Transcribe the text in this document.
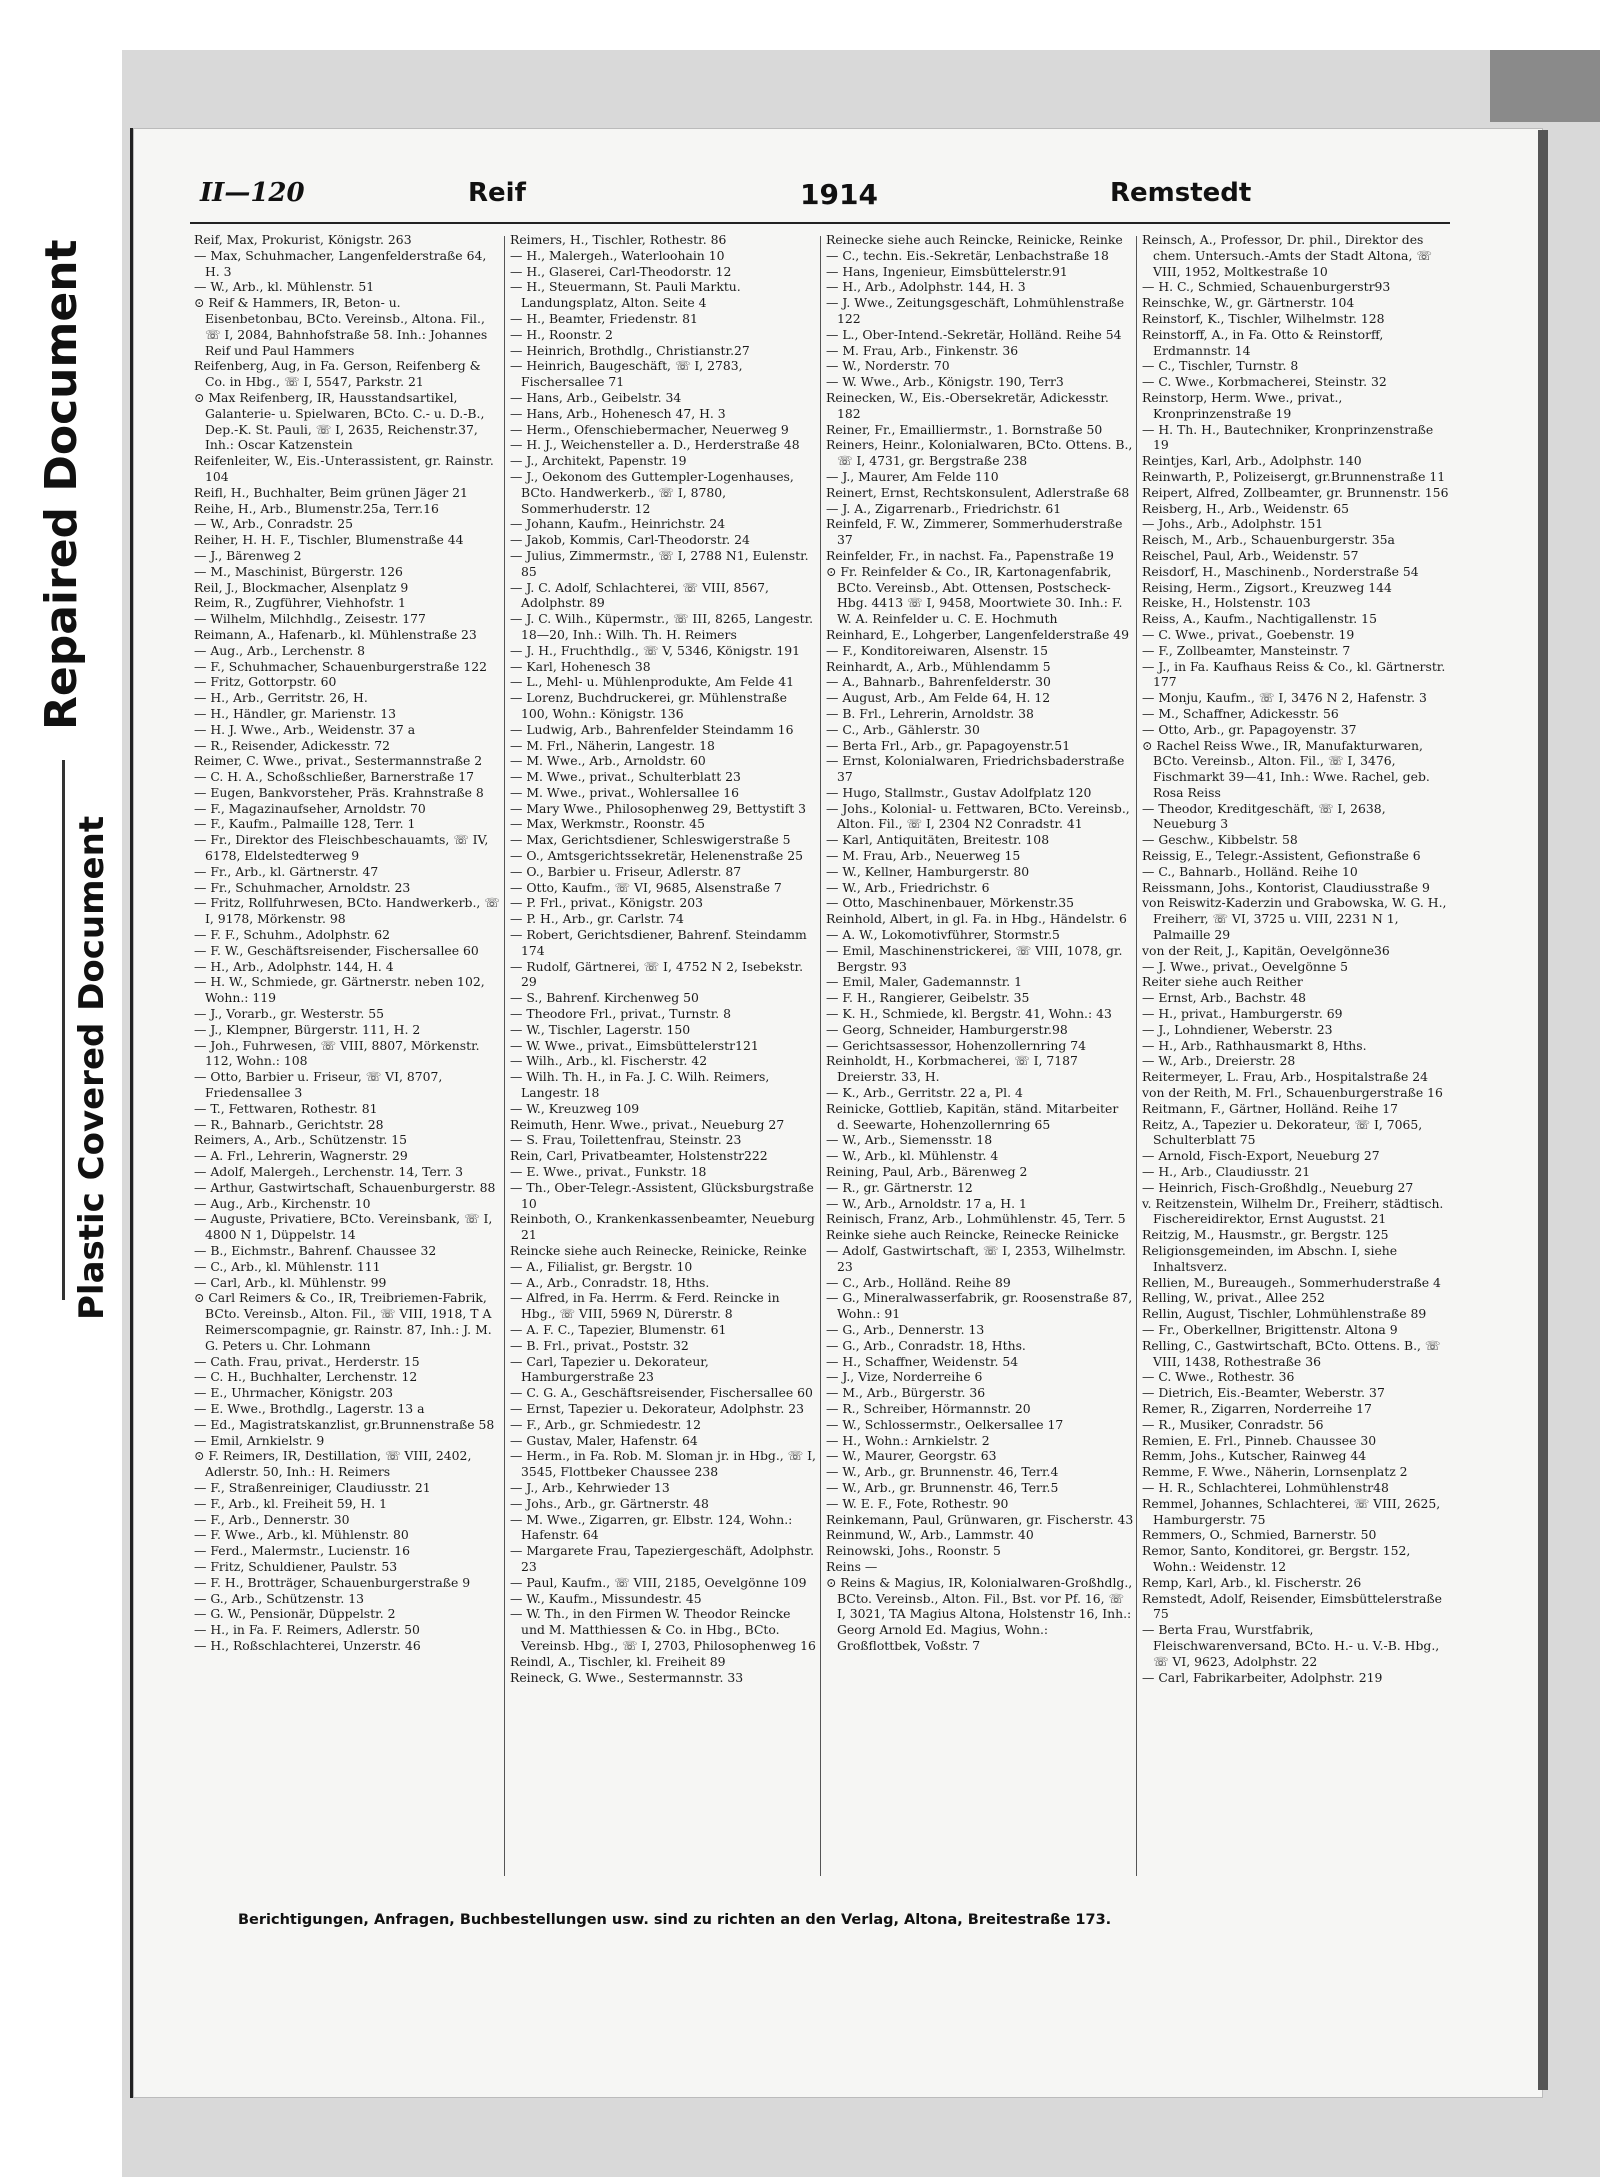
Repaired Document
Plastic Covered Document
II—120	Reif	1914	Remstedt

Reif, Max, Prokurist, Königstr. 263

— Max, Schuhmacher, Langenfelderstraße 64, H. 3

— W., Arb., kl. Mühlenstr. 51

⊙ Reif & Hammers, IR, Beton- u. Eisenbetonbau, BCto. Vereinsb., Altona. Fil., ☏ I, 2084, Bahnhofstraße 58. Inh.: Johannes Reif und Paul Hammers

Reifenberg, Aug, in Fa. Gerson, Reifenberg & Co. in Hbg., ☏ I, 5547, Parkstr. 21

⊙ Max Reifenberg, IR, Hausstandsartikel, Galanterie- u. Spielwaren, BCto. C.- u. D.-B., Dep.-K. St. Pauli, ☏ I, 2635, Reichenstr.37, Inh.: Oscar Katzenstein

Reifenleiter, W., Eis.-Unterassistent, gr. Rainstr. 104

Reifl, H., Buchhalter, Beim grünen Jäger 21

Reihe, H., Arb., Blumenstr.25a, Terr.16

— W., Arb., Conradstr. 25

Reiher, H. H. F., Tischler, Blumenstraße 44

— J., Bärenweg 2

— M., Maschinist, Bürgerstr. 126

Reil, J., Blockmacher, Alsenplatz 9

Reim, R., Zugführer, Viehhofstr. 1

— Wilhelm, Milchhdlg., Zeisestr. 177

Reimann, A., Hafenarb., kl. Mühlenstraße 23

— Aug., Arb., Lerchenstr. 8

— F., Schuhmacher, Schauenburgerstraße 122

— Fritz, Gottorpstr. 60

— H., Arb., Gerritstr. 26, H.

— H., Händler, gr. Marienstr. 13

— H. J. Wwe., Arb., Weidenstr. 37 a

— R., Reisender, Adickesstr. 72

Reimer, C. Wwe., privat., Sestermannstraße 2

— C. H. A., Schoßschließer, Barnerstraße 17

— Eugen, Bankvorsteher, Präs. Krahnstraße 8

— F., Magazinaufseher, Arnoldstr. 70

— F., Kaufm., Palmaille 128, Terr. 1

— Fr., Direktor des Fleischbeschauamts, ☏ IV, 6178, Eldelstedterweg 9

— Fr., Arb., kl. Gärtnerstr. 47

— Fr., Schuhmacher, Arnoldstr. 23

— Fritz, Rollfuhrwesen, BCto. Handwerkerb., ☏ I, 9178, Mörkenstr. 98

— F. F., Schuhm., Adolphstr. 62

— F. W., Geschäftsreisender, Fischersallee 60

— H., Arb., Adolphstr. 144, H. 4

— H. W., Schmiede, gr. Gärtnerstr. neben 102, Wohn.: 119

— J., Vorarb., gr. Westerstr. 55

— J., Klempner, Bürgerstr. 111, H. 2

— Joh., Fuhrwesen, ☏ VIII, 8807, Mörkenstr. 112, Wohn.: 108

— Otto, Barbier u. Friseur, ☏ VI, 8707, Friedensallee 3

— T., Fettwaren, Rothestr. 81

— R., Bahnarb., Gerichtstr. 28

Reimers, A., Arb., Schützenstr. 15

— A. Frl., Lehrerin, Wagnerstr. 29

— Adolf, Malergeh., Lerchenstr. 14, Terr. 3

— Arthur, Gastwirtschaft, Schauenburgerstr. 88

— Aug., Arb., Kirchenstr. 10

— Auguste, Privatiere, BCto. Vereinsbank, ☏ I, 4800 N 1, Düppelstr. 14

— B., Eichmstr., Bahrenf. Chaussee 32

— C., Arb., kl. Mühlenstr. 111

— Carl, Arb., kl. Mühlenstr. 99

⊙ Carl Reimers & Co., IR, Treibriemen-Fabrik, BCto. Vereinsb., Alton. Fil., ☏ VIII, 1918, T A Reimerscompagnie, gr. Rainstr. 87, Inh.: J. M. G. Peters u. Chr. Lohmann

— Cath. Frau, privat., Herderstr. 15

— C. H., Buchhalter, Lerchenstr. 12

— E., Uhrmacher, Königstr. 203

— E. Wwe., Brothdlg., Lagerstr. 13 a

— Ed., Magistratskanzlist, gr.Brunnenstraße 58

— Emil, Arnkielstr. 9

⊙ F. Reimers, IR, Destillation, ☏ VIII, 2402, Adlerstr. 50, Inh.: H. Reimers

— F., Straßenreiniger, Claudiusstr. 21

— F., Arb., kl. Freiheit 59, H. 1

— F., Arb., Dennerstr. 30

— F. Wwe., Arb., kl. Mühlenstr. 80

— Ferd., Malermstr., Lucienstr. 16

— Fritz, Schuldiener, Paulstr. 53

— F. H., Brotträger, Schauenburgerstraße 9

— G., Arb., Schützenstr. 13

— G. W., Pensionär, Düppelstr. 2

— H., in Fa. F. Reimers, Adlerstr. 50

— H., Roßschlachterei, Unzerstr. 46

Reimers, H., Tischler, Rothestr. 86

— H., Malergeh., Waterloohain 10

— H., Glaserei, Carl-Theodorstr. 12

— H., Steuermann, St. Pauli Marktu. Landungsplatz, Alton. Seite 4

— H., Beamter, Friedenstr. 81

— H., Roonstr. 2

— Heinrich, Brothdlg., Christianstr.27

— Heinrich, Baugeschäft, ☏ I, 2783, Fischersallee 71

— Hans, Arb., Geibelstr. 34

— Hans, Arb., Hohenesch 47, H. 3

— Herm., Ofenschiebermacher, Neuerweg 9

— H. J., Weichensteller a. D., Herderstraße 48

— J., Architekt, Papenstr. 19

— J., Oekonom des Guttempler-Logenhauses, BCto. Handwerkerb., ☏ I, 8780, Sommerhuderstr. 12

— Johann, Kaufm., Heinrichstr. 24

— Jakob, Kommis, Carl-Theodorstr. 24

— Julius, Zimmermstr., ☏ I, 2788 N1, Eulenstr. 85

— J. C. Adolf, Schlachterei, ☏ VIII, 8567, Adolphstr. 89

— J. C. Wilh., Küpermstr., ☏ III, 8265, Langestr. 18—20, Inh.: Wilh. Th. H. Reimers

— J. H., Fruchthdlg., ☏ V, 5346, Königstr. 191

— Karl, Hohenesch 38

— L., Mehl- u. Mühlenprodukte, Am Felde 41

— Lorenz, Buchdruckerei, gr. Mühlenstraße 100, Wohn.: Königstr. 136

— Ludwig, Arb., Bahrenfelder Steindamm 16

— M. Frl., Näherin, Langestr. 18

— M. Wwe., Arb., Arnoldstr. 60

— M. Wwe., privat., Schulterblatt 23

— M. Wwe., privat., Wohlersallee 16

— Mary Wwe., Philosophenweg 29, Bettystift 3

— Max, Werkmstr., Roonstr. 45

— Max, Gerichtsdiener, Schleswigerstraße 5

— O., Amtsgerichtssekretär, Helenenstraße 25

— O., Barbier u. Friseur, Adlerstr. 87

— Otto, Kaufm., ☏ VI, 9685, Alsenstraße 7

— P. Frl., privat., Königstr. 203

— P. H., Arb., gr. Carlstr. 74

— Robert, Gerichtsdiener, Bahrenf. Steindamm 174

— Rudolf, Gärtnerei, ☏ I, 4752 N 2, Isebekstr. 29

— S., Bahrenf. Kirchenweg 50

— Theodore Frl., privat., Turnstr. 8

— W., Tischler, Lagerstr. 150

— W. Wwe., privat., Eimsbüttelerstr121

— Wilh., Arb., kl. Fischerstr. 42

— Wilh. Th. H., in Fa. J. C. Wilh. Reimers, Langestr. 18

— W., Kreuzweg 109

Reimuth, Henr. Wwe., privat., Neueburg 27

— S. Frau, Toilettenfrau, Steinstr. 23

Rein, Carl, Privatbeamter, Holstenstr222

— E. Wwe., privat., Funkstr. 18

— Th., Ober-Telegr.-Assistent, Glücksburgstraße 10

Reinboth, O., Krankenkassenbeamter, Neueburg 21

Reincke siehe auch Reinecke, Reinicke, Reinke

— A., Filialist, gr. Bergstr. 10

— A., Arb., Conradstr. 18, Hths.

— Alfred, in Fa. Herrm. & Ferd. Reincke in Hbg., ☏ VIII, 5969 N, Dürerstr. 8

— A. F. C., Tapezier, Blumenstr. 61

— B. Frl., privat., Poststr. 32

— Carl, Tapezier u. Dekorateur, Hamburgerstraße 23

— C. G. A., Geschäftsreisender, Fischersallee 60

— Ernst, Tapezier u. Dekorateur, Adolphstr. 23

— F., Arb., gr. Schmiedestr. 12

— Gustav, Maler, Hafenstr. 64

— Herm., in Fa. Rob. M. Sloman jr. in Hbg., ☏ I, 3545, Flottbeker Chaussee 238

— J., Arb., Kehrwieder 13

— Johs., Arb., gr. Gärtnerstr. 48

— M. Wwe., Zigarren, gr. Elbstr. 124, Wohn.: Hafenstr. 64

— Margarete Frau, Tapeziergeschäft, Adolphstr. 23

— Paul, Kaufm., ☏ VIII, 2185, Oevelgönne 109

— W., Kaufm., Missundestr. 45

— W. Th., in den Firmen W. Theodor Reincke und M. Matthiessen & Co. in Hbg., BCto. Vereinsb. Hbg., ☏ I, 2703, Philosophenweg 16

Reindl, A., Tischler, kl. Freiheit 89

Reineck, G. Wwe., Sestermannstr. 33

Reinecke siehe auch Reincke, Reinicke, Reinke

— C., techn. Eis.-Sekretär, Lenbachstraße 18

— Hans, Ingenieur, Eimsbüttelerstr.91

— H., Arb., Adolphstr. 144, H. 3

— J. Wwe., Zeitungsgeschäft, Lohmühlenstraße 122

— L., Ober-Intend.-Sekretär, Holländ. Reihe 54

— M. Frau, Arb., Finkenstr. 36

— W., Norderstr. 70

— W. Wwe., Arb., Königstr. 190, Terr3

Reinecken, W., Eis.-Obersekretär, Adickesstr. 182

Reiner, Fr., Emailliermstr., 1. Bornstraße 50

Reiners, Heinr., Kolonialwaren, BCto. Ottens. B., ☏ I, 4731, gr. Bergstraße 238

— J., Maurer, Am Felde 110

Reinert, Ernst, Rechtskonsulent, Adlerstraße 68

— J. A., Zigarrenarb., Friedrichstr. 61

Reinfeld, F. W., Zimmerer, Sommerhuderstraße 37

Reinfelder, Fr., in nachst. Fa., Papenstraße 19

⊙ Fr. Reinfelder & Co., IR, Kartonagenfabrik, BCto. Vereinsb., Abt. Ottensen, Postscheck-Hbg. 4413 ☏ I, 9458, Moortwiete 30. Inh.: F. W. A. Reinfelder u. C. E. Hochmuth

Reinhard, E., Lohgerber, Langenfelderstraße 49

— F., Konditoreiwaren, Alsenstr. 15

Reinhardt, A., Arb., Mühlendamm 5

— A., Bahnarb., Bahrenfelderstr. 30

— August, Arb., Am Felde 64, H. 12

— B. Frl., Lehrerin, Arnoldstr. 38

— C., Arb., Gählerstr. 30

— Berta Frl., Arb., gr. Papagoyenstr.51

— Ernst, Kolonialwaren, Friedrichsbaderstraße 37

— Hugo, Stallmstr., Gustav Adolfplatz 120

— Johs., Kolonial- u. Fettwaren, BCto. Vereinsb., Alton. Fil., ☏ I, 2304 N2 Conradstr. 41

— Karl, Antiquitäten, Breitestr. 108

— M. Frau, Arb., Neuerweg 15

— W., Kellner, Hamburgerstr. 80

— W., Arb., Friedrichstr. 6

— Otto, Maschinenbauer, Mörkenstr.35

Reinhold, Albert, in gl. Fa. in Hbg., Händelstr. 6

— A. W., Lokomotivführer, Stormstr.5

— Emil, Maschinenstrickerei, ☏ VIII, 1078, gr. Bergstr. 93

— Emil, Maler, Gademannstr. 1

— F. H., Rangierer, Geibelstr. 35

— K. H., Schmiede, kl. Bergstr. 41, Wohn.: 43

— Georg, Schneider, Hamburgerstr.98

— Gerichtsassessor, Hohenzollernring 74

Reinholdt, H., Korbmacherei, ☏ I, 7187 Dreierstr. 33, H.

— K., Arb., Gerritstr. 22 a, Pl. 4

Reinicke, Gottlieb, Kapitän, ständ. Mitarbeiter d. Seewarte, Hohenzollernring 65

— W., Arb., Siemensstr. 18

— W., Arb., kl. Mühlenstr. 4

Reining, Paul, Arb., Bärenweg 2

— R., gr. Gärtnerstr. 12

— W., Arb., Arnoldstr. 17 a, H. 1

Reinisch, Franz, Arb., Lohmühlenstr. 45, Terr. 5

Reinke siehe auch Reincke, Reinecke Reinicke

— Adolf, Gastwirtschaft, ☏ I, 2353, Wilhelmstr. 23

— C., Arb., Holländ. Reihe 89

— G., Mineralwasserfabrik, gr. Roosenstraße 87, Wohn.: 91

— G., Arb., Dennerstr. 13

— G., Arb., Conradstr. 18, Hths.

— H., Schaffner, Weidenstr. 54

— J., Vize, Norderreihe 6

— M., Arb., Bürgerstr. 36

— R., Schreiber, Hörmannstr. 20

— W., Schlossermstr., Oelkersallee 17

— H., Wohn.: Arnkielstr. 2

— W., Maurer, Georgstr. 63

— W., Arb., gr. Brunnenstr. 46, Terr.4

— W., Arb., gr. Brunnenstr. 46, Terr.5

— W. E. F., Fote, Rothestr. 90

Reinkemann, Paul, Grünwaren, gr. Fischerstr. 43

Reinmund, W., Arb., Lammstr. 40

Reinowski, Johs., Roonstr. 5

Reins —

⊙ Reins & Magius, IR, Kolonialwaren-Großhdlg., BCto. Vereinsb., Alton. Fil., Bst. vor Pf. 16, ☏ I, 3021, TA Magius Altona, Holstenstr 16, Inh.: Georg Arnold Ed. Magius, Wohn.: Großflottbek, Voßstr. 7

Reinsch, A., Professor, Dr. phil., Direktor des chem. Untersuch.-Amts der Stadt Altona, ☏ VIII, 1952, Moltkestraße 10

— H. C., Schmied, Schauenburgerstr93

Reinschke, W., gr. Gärtnerstr. 104

Reinstorf, K., Tischler, Wilhelmstr. 128

Reinstorff, A., in Fa. Otto & Reinstorff, Erdmannstr. 14

— C., Tischler, Turnstr. 8

— C. Wwe., Korbmacherei, Steinstr. 32

Reinstorp, Herm. Wwe., privat., Kronprinzenstraße 19

— H. Th. H., Bautechniker, Kronprinzenstraße 19

Reintjes, Karl, Arb., Adolphstr. 140

Reinwarth, P., Polizeisergt, gr.Brunnenstraße 11

Reipert, Alfred, Zollbeamter, gr. Brunnenstr. 156

Reisberg, H., Arb., Weidenstr. 65

— Johs., Arb., Adolphstr. 151

Reisch, M., Arb., Schauenburgerstr. 35a

Reischel, Paul, Arb., Weidenstr. 57

Reisdorf, H., Maschinenb., Norderstraße 54

Reising, Herm., Zigsort., Kreuzweg 144

Reiske, H., Holstenstr. 103

Reiss, A., Kaufm., Nachtigallenstr. 15

— C. Wwe., privat., Goebenstr. 19

— F., Zollbeamter, Mansteinstr. 7

— J., in Fa. Kaufhaus Reiss & Co., kl. Gärtnerstr. 177

— Monju, Kaufm., ☏ I, 3476 N 2, Hafenstr. 3

— M., Schaffner, Adickesstr. 56

— Otto, Arb., gr. Papagoyenstr. 37

⊙ Rachel Reiss Wwe., IR, Manufakturwaren, BCto. Vereinsb., Alton. Fil., ☏ I, 3476, Fischmarkt 39—41, Inh.: Wwe. Rachel, geb. Rosa Reiss

— Theodor, Kreditgeschäft, ☏ I, 2638, Neueburg 3

— Geschw., Kibbelstr. 58

Reissig, E., Telegr.-Assistent, Gefionstraße 6

— C., Bahnarb., Holländ. Reihe 10

Reissmann, Johs., Kontorist, Claudiusstraße 9

von Reiswitz-Kaderzin und Grabowska, W. G. H., Freiherr, ☏ VI, 3725 u. VIII, 2231 N 1, Palmaille 29

von der Reit, J., Kapitän, Oevelgönne36

— J. Wwe., privat., Oevelgönne 5

Reiter siehe auch Reither

— Ernst, Arb., Bachstr. 48

— H., privat., Hamburgerstr. 69

— J., Lohndiener, Weberstr. 23

— H., Arb., Rathhausmarkt 8, Hths.

— W., Arb., Dreierstr. 28

Reitermeyer, L. Frau, Arb., Hospitalstraße 24

von der Reith, M. Frl., Schauenburgerstraße 16

Reitmann, F., Gärtner, Holländ. Reihe 17

Reitz, A., Tapezier u. Dekorateur, ☏ I, 7065, Schulterblatt 75

— Arnold, Fisch-Export, Neueburg 27

— H., Arb., Claudiusstr. 21

— Heinrich, Fisch-Großhdlg., Neueburg 27

v. Reitzenstein, Wilhelm Dr., Freiherr, städtisch. Fischereidirektor, Ernst Augustst. 21

Reitzig, M., Hausmstr., gr. Bergstr. 125

Religionsgemeinden, im Abschn. I, siehe Inhaltsverz.

Rellien, M., Bureaugeh., Sommerhuderstraße 4

Relling, W., privat., Allee 252

Rellin, August, Tischler, Lohmühlenstraße 89

— Fr., Oberkellner, Brigittenstr. Altona 9

Relling, C., Gastwirtschaft, BCto. Ottens. B., ☏ VIII, 1438, Rothestraße 36

— C. Wwe., Rothestr. 36

— Dietrich, Eis.-Beamter, Weberstr. 37

Remer, R., Zigarren, Norderreihe 17

— R., Musiker, Conradstr. 56

Remien, E. Frl., Pinneb. Chaussee 30

Remm, Johs., Kutscher, Rainweg 44

Remme, F. Wwe., Näherin, Lornsenplatz 2

— H. R., Schlachterei, Lohmühlenstr48

Remmel, Johannes, Schlachterei, ☏ VIII, 2625, Hamburgerstr. 75

Remmers, O., Schmied, Barnerstr. 50

Remor, Santo, Konditorei, gr. Bergstr. 152, Wohn.: Weidenstr. 12

Remp, Karl, Arb., kl. Fischerstr. 26

Remstedt, Adolf, Reisender, Eimsbüttelerstraße 75

— Berta Frau, Wurstfabrik, Fleischwarenversand, BCto. H.- u. V.-B. Hbg., ☏ VI, 9623, Adolphstr. 22

— Carl, Fabrikarbeiter, Adolphstr. 219

Berichtigungen, Anfragen, Buchbestellungen usw. sind zu richten an den Verlag, Altona, Breitestraße 173.
